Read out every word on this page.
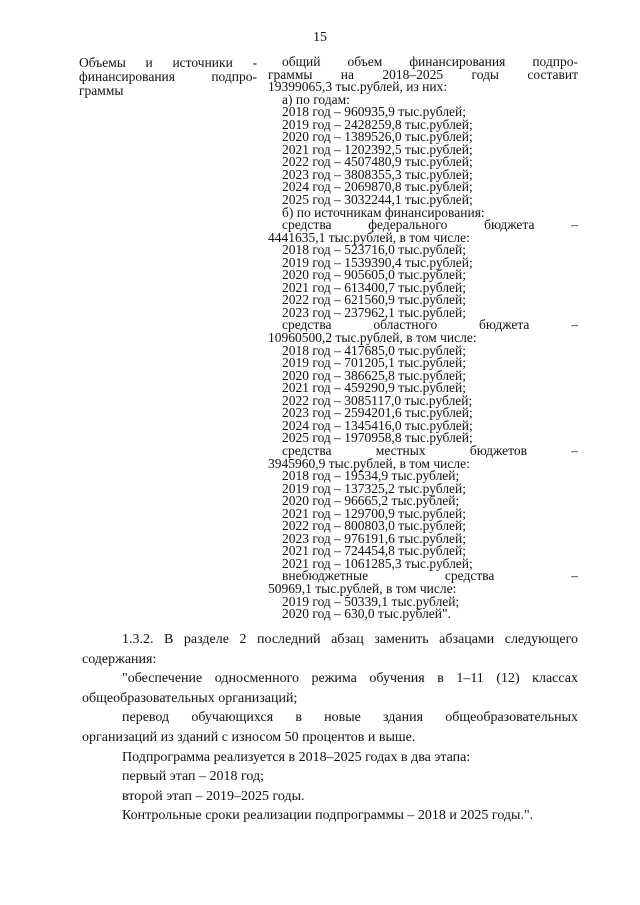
15
Объемы и источники -
финансирования подпро-
граммы
общий объем финансирования подпро-
граммы на 2018–2025 годы составит
19399065,3 тыс.рублей, из них:
а) по годам:
2018 год – 960935,9 тыс.рублей;
2019 год – 2428259,8 тыс.рублей;
2020 год – 1389526,0 тыс.рублей;
2021 год – 1202392,5 тыс.рублей;
2022 год – 4507480,9 тыс.рублей;
2023 год – 3808355,3 тыс.рублей;
2024 год – 2069870,8 тыс.рублей;
2025 год – 3032244,1 тыс.рублей;
б) по источникам финансирования:
средства федерального бюджета –
4441635,1 тыс.рублей, в том числе:
2018 год – 523716,0 тыс.рублей;
2019 год – 1539390,4 тыс.рублей;
2020 год – 905605,0 тыс.рублей;
2021 год – 613400,7 тыс.рублей;
2022 год – 621560,9 тыс.рублей;
2023 год – 237962,1 тыс.рублей;
средства областного бюджета –
10960500,2 тыс.рублей, в том числе:
2018 год – 417685,0 тыс.рублей;
2019 год – 701205,1 тыс.рублей;
2020 год – 386625,8 тыс.рублей;
2021 год – 459290,9 тыс.рублей;
2022 год – 3085117,0 тыс.рублей;
2023 год – 2594201,6 тыс.рублей;
2024 год – 1345416,0 тыс.рублей;
2025 год – 1970958,8 тыс.рублей;
средства местных бюджетов –
3945960,9 тыс.рублей, в том числе:
2018 год – 19534,9 тыс.рублей;
2019 год – 137325,2 тыс.рублей;
2020 год – 96665,2 тыс.рублей;
2021 год – 129700,9 тыс.рублей;
2022 год – 800803,0 тыс.рублей;
2023 год – 976191,6 тыс.рублей;
2021 год – 724454,8 тыс.рублей;
2021 год – 1061285,3 тыс.рублей;
внебюджетные средства –
50969,1 тыс.рублей, в том числе:
2019 год – 50339,1 тыс.рублей;
2020 год – 630,0 тыс.рублей".
1.3.2. В разделе 2 последний абзац заменить абзацами следующего
содержания:
"обеспечение односменного режима обучения в 1–11 (12) классах
общеобразовательных организаций;
перевод обучающихся в новые здания общеобразовательных
организаций из зданий с износом 50 процентов и выше.
Подпрограмма реализуется в 2018–2025 годах в два этапа:
первый этап – 2018 год;
второй этап – 2019–2025 годы.
Контрольные сроки реализации подпрограммы – 2018 и 2025 годы.".
